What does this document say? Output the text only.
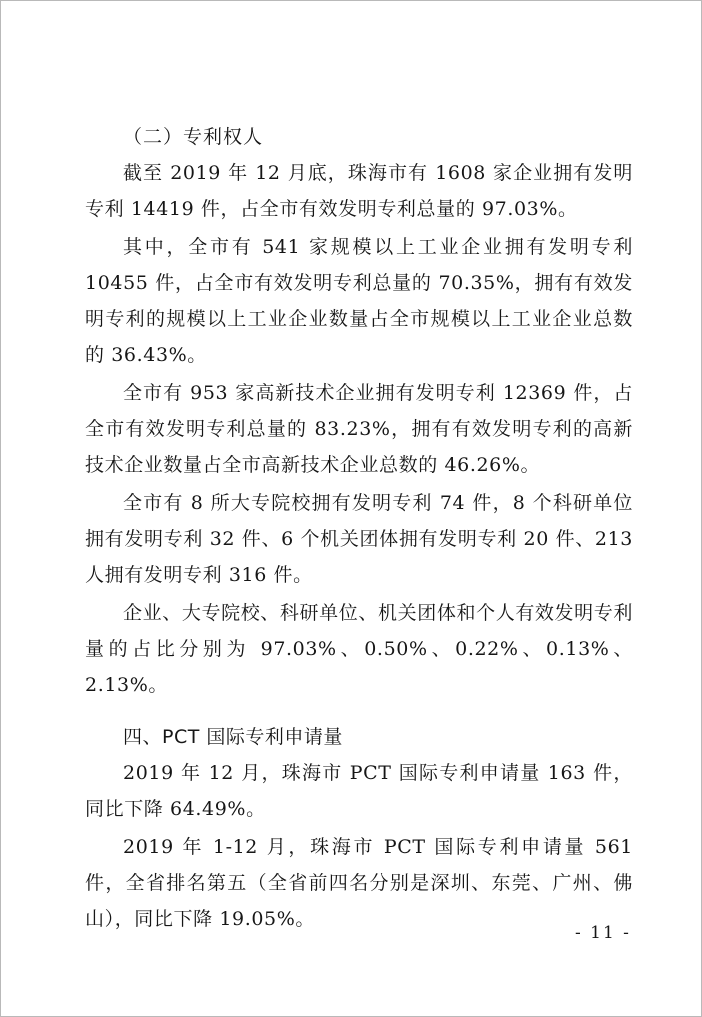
（二）专利权人

截至 2019 年 12 月底，珠海市有 1608 家企业拥有发明专利 14419 件，占全市有效发明专利总量的 97.03%。

其中，全市有 541 家规模以上工业企业拥有发明专利 10455 件，占全市有效发明专利总量的 70.35%，拥有有效发明专利的规模以上工业企业数量占全市规模以上工业企业总数的 36.43%。

全市有 953 家高新技术企业拥有发明专利 12369 件，占全市有效发明专利总量的 83.23%，拥有有效发明专利的高新技术企业数量占全市高新技术企业总数的 46.26%。

全市有 8 所大专院校拥有发明专利 74 件，8 个科研单位拥有发明专利 32 件、6 个机关团体拥有发明专利 20 件、213 人拥有发明专利 316 件。

企业、大专院校、科研单位、机关团体和个人有效发明专利量的占比分别为 97.03%、0.50%、0.22%、0.13%、2.13%。

四、PCT 国际专利申请量

2019 年 12 月，珠海市 PCT 国际专利申请量 163 件，同比下降 64.49%。

2019 年 1-12 月，珠海市 PCT 国际专利申请量 561 件，全省排名第五（全省前四名分别是深圳、东莞、广州、佛山），同比下降 19.05%。

- 11 -
